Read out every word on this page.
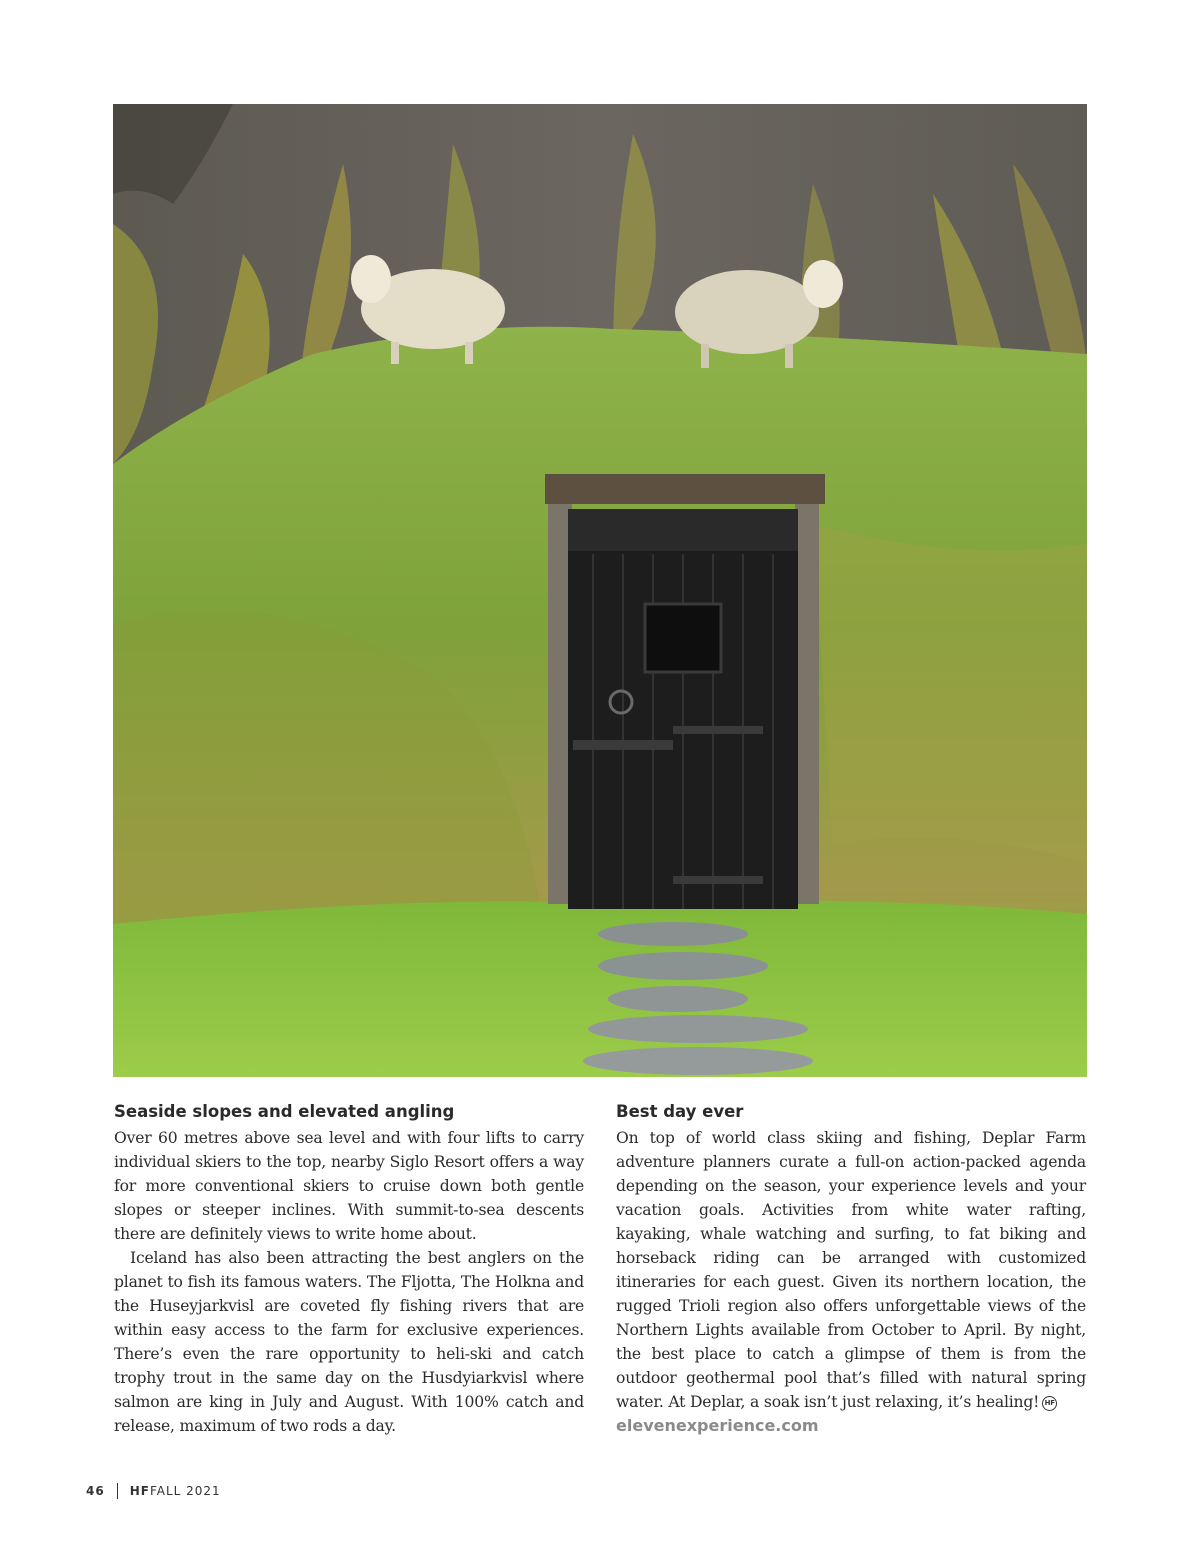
Seaside slopes and elevated angling

Over 60 metres above sea level and with four lifts to carry individual skiers to the top, nearby Siglo Resort offers a way for more conventional skiers to cruise down both gentle slopes or steeper inclines. With summit-to-sea descents there are definitely views to write home about.

Iceland has also been attracting the best anglers on the planet to fish its famous waters. The Fljotta, The Holkna and the Huseyjarkvisl are coveted fly fishing rivers that are within easy access to the farm for exclusive experiences. There’s even the rare opportunity to heli-ski and catch trophy trout in the same day on the Husdyiarkvisl where salmon are king in July and August. With 100% catch and release, maximum of two rods a day.

Best day ever

On top of world class skiing and fishing, Deplar Farm adventure planners curate a full-on action-packed agenda depending on the season, your experience levels and your vacation goals. Activities from white water rafting, kayaking, whale watching and surfing, to fat biking and horseback riding can be arranged with customized itineraries for each guest. Given its northern location, the rugged Trioli region also offers unforgettable views of the Northern Lights available from October to April. By night, the best place to catch a glimpse of them is from the outdoor geothermal pool that’s filled with natural spring water. At Deplar, a soak isn’t just relaxing, it’s healing! HF

elevenexperience.com
46 HF FALL 2021
